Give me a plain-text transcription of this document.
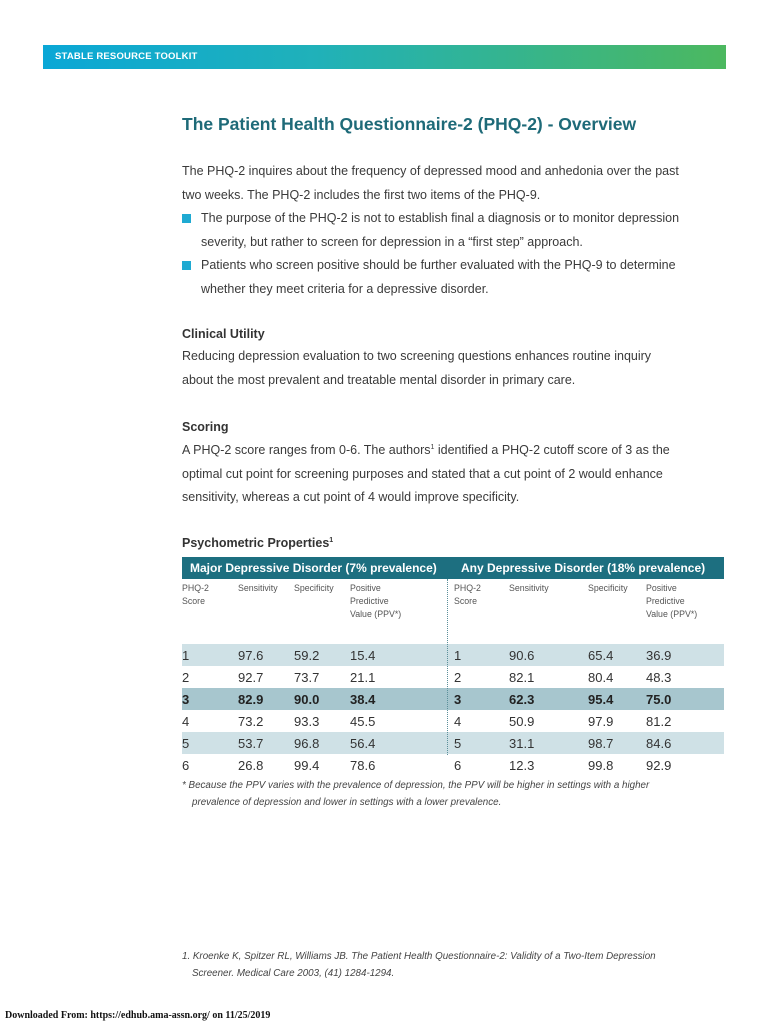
STABLE RESOURCE TOOLKIT
The Patient Health Questionnaire-2 (PHQ-2) - Overview
The PHQ-2 inquires about the frequency of depressed mood and anhedonia over the past
two weeks. The PHQ-2 includes the first two items of the PHQ-9.
The purpose of the PHQ-2 is not to establish final a diagnosis or to monitor depression
severity, but rather to screen for depression in a “first step” approach.
Patients who screen positive should be further evaluated with the PHQ-9 to determine
whether they meet criteria for a depressive disorder.
Clinical Utility
Reducing depression evaluation to two screening questions enhances routine inquiry
about the most prevalent and treatable mental disorder in primary care.
Scoring
A PHQ-2 score ranges from 0-6. The authors$^1$ identified a PHQ-2 cutoff score of 3 as the
optimal cut point for screening purposes and stated that a cut point of 2 would enhance
sensitivity, whereas a cut point of 4 would improve specificity.
Psychometric Properties$^1$
Major Depressive Disorder (7% prevalence) Any Depressive Disorder (18% prevalence)
PHQ-2
Score
Sensitivity Specificity Positive
Predictive
Value (PPV*)
PHQ-2
Score
Sensitivity	Specificity Positive
Predictive
Value (PPV*)
1	97.6 59.2 15.4	1	90.6	65.4	36.9
2	92.7 73.7 21.1	2	82.1	80.4	48.3
3	82.9 90.0 38.4	3	62.3	95.4	75.0
4	73.2 93.3 45.5	4	50.9	97.9	81.2
5	53.7 96.8 56.4	5	31.1	98.7	84.6
6	26.8 99.4 78.6	6	12.3	99.8	92.9
* Because the PPV varies with the prevalence of depression, the PPV will be higher in settings with a higher
prevalence of depression and lower in settings with a lower prevalence.
1. Kroenke K, Spitzer RL, Williams JB. The Patient Health Questionnaire-2: Validity of a Two-Item Depression
Screener. Medical Care 2003, (41) 1284-1294.
Downloaded From: https://edhub.ama-assn.org/ on 11/25/2019
